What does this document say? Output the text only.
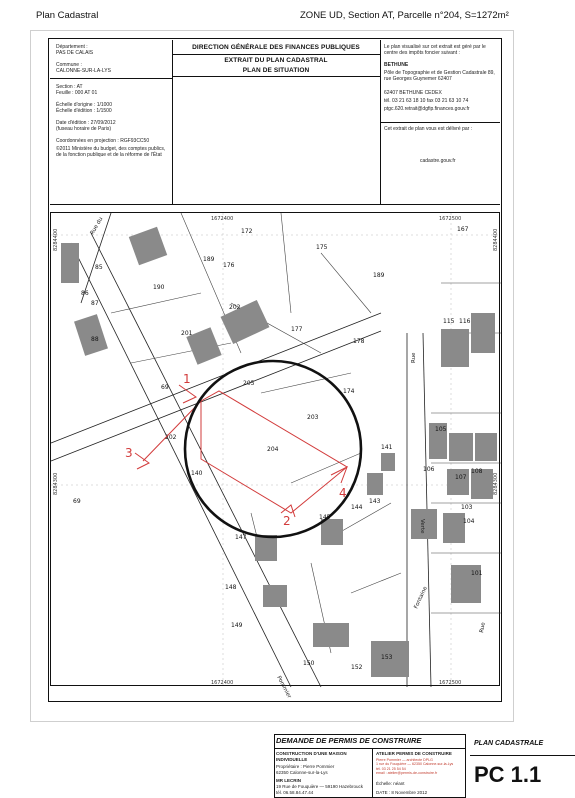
Plan Cadastral	ZONE UD, Section AT, Parcelle n°204, S=1272m²
Département :
PAS DE CALAIS
Commune :
CALONNE-SUR-LA-LYS
Section : AT
Feuille : 000 AT 01
Échelle d'origine : 1/1000
Échelle d'édition : 1/1500
Date d'édition : 27/09/2012
(fuseau horaire de Paris)
Coordonnées en projection : RGF93CC50
©2011 Ministère du budget, des comptes publics, de la fonction publique et de la réforme de l'État
DIRECTION GÉNÉRALE DES FINANCES PUBLIQUES
EXTRAIT DU PLAN CADASTRAL
PLAN DE SITUATION
Le plan visualisé sur cet extrait est géré par le centre des impôts foncier suivant :
BETHUNE
Pôle de Topographie et de Gestion Cadastrale 89, rue Georges Guynemer 62407
62407 BETHUNE CEDEX
tél. 03 21 63 18 10 fax 03 21 63 10 74
ptgc.620.retrait@dgfip.finances.gouv.fr
Cet extrait de plan vous est délivré par :
cadastre.gouv.fr
172
175
176
189
189
190
202
177
178
201
116
115
167
88
87
85
86
205
174
203
69
69
202
204
140
105
106
107
108
147
143
145
144
104
103
148
101
149
153
150
152
141
1672400	1672500
1672400	1672500
8284400
8284300
8284400
8284300
Rue du
Rue
Verte
Fontaine
Pommier
Rue
1
2
3
4
DEMANDE DE PERMIS DE CONSTRUIRE
CONSTRUCTION D'UNE MAISON INDIVIDUELLE
Propriétaire : Pierre Pommier
62350 Calonne-sur-la-Lys
MR LECRIN
19 Rue de Fouquière — 59190 Hazebrouck
tél. 06.58.84.47.44
ATELIER PERMIS DE CONSTRUIRE
Pierre Pommier — architecte DPLG
1 rue du Fouquière — 62350 Calonne-sur-la-Lys
tél. 03 21 25 54 54
email : atelier@permis-de-construire.fr
Échelle: néant
DATE : 8 Novembre 2012
PLAN CADASTRALE
PC 1.1
